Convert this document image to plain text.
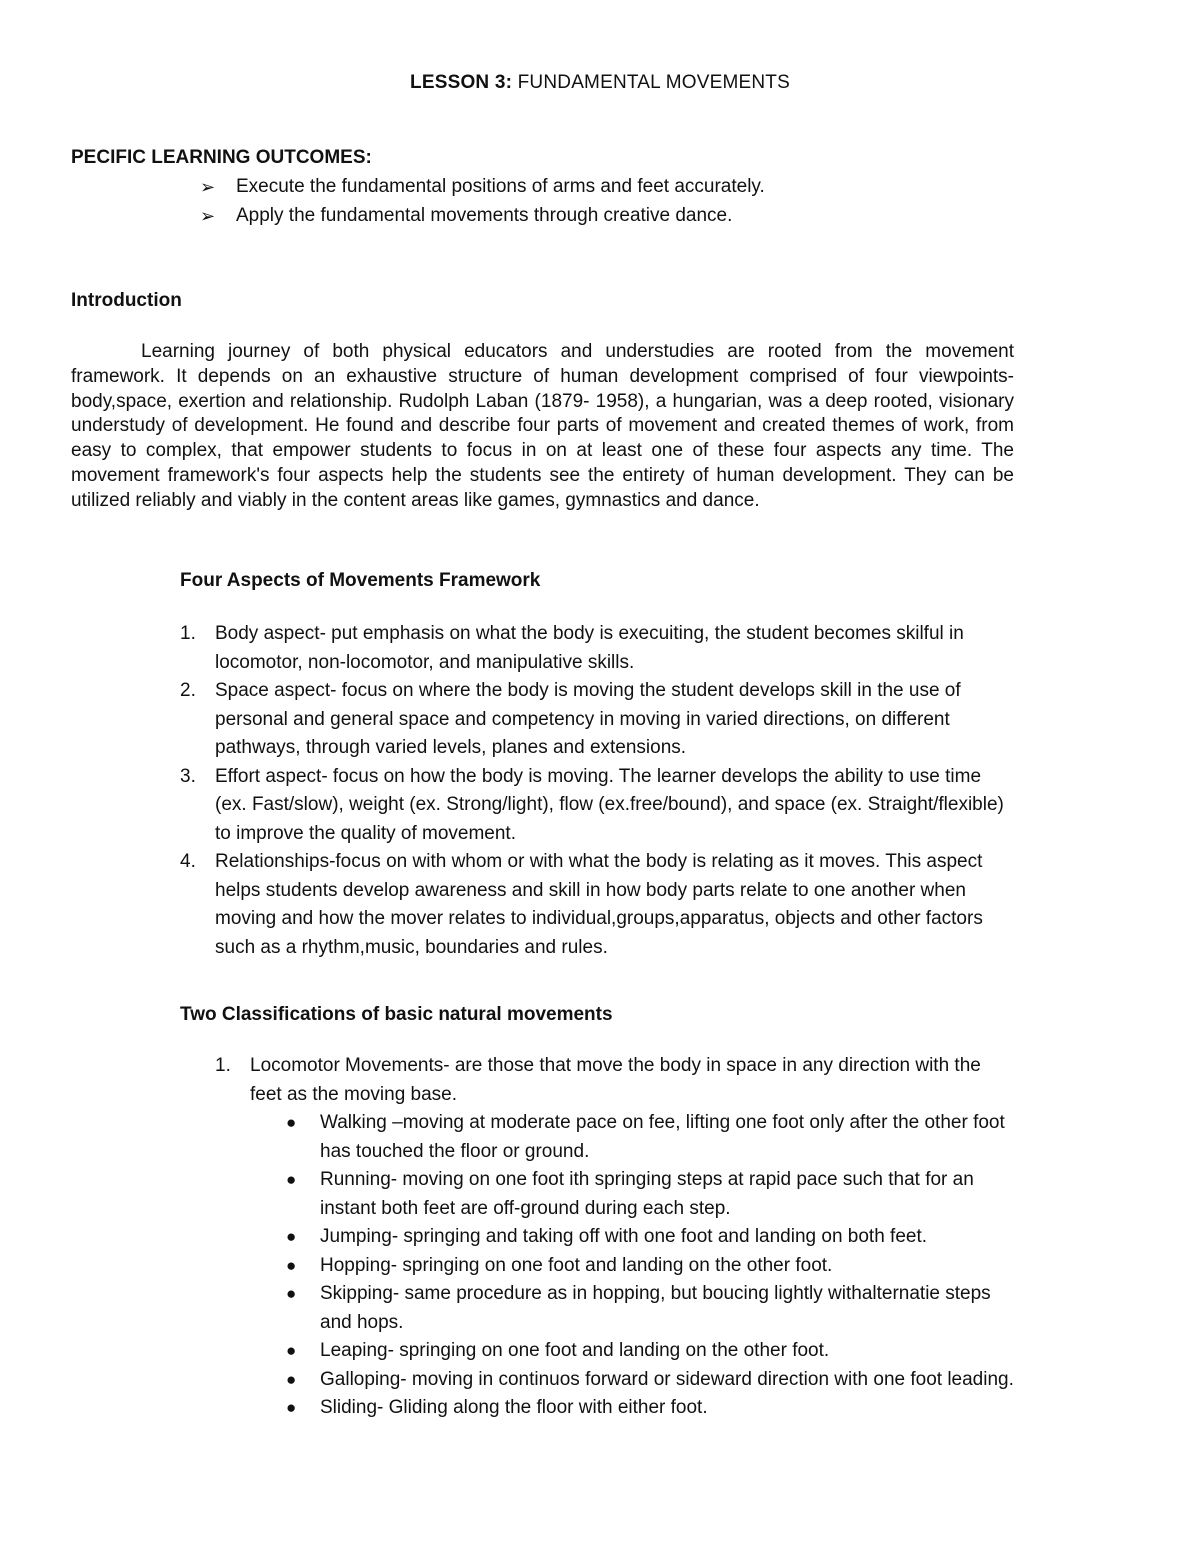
LESSON 3: FUNDAMENTAL MOVEMENTS
PECIFIC LEARNING OUTCOMES:
➢ Execute the fundamental positions of arms and feet accurately.
➢ Apply the fundamental movements through creative dance.
Introduction

Learning journey of both physical educators and understudies are rooted from the movement framework. It depends on an exhaustive structure of human development comprised of four viewpoints-body,space, exertion and relationship. Rudolph Laban (1879- 1958), a hungarian, was a deep rooted, visionary understudy of development. He found and describe four parts of movement and created themes of work, from easy to complex, that empower students to focus in on at least one of these four aspects any time. The movement framework's four aspects help the students see the entirety of human development. They can be utilized reliably and viably in the content areas like games, gymnastics and dance.

Four Aspects of Movements Framework
1. Body aspect- put emphasis on what the body is execuiting, the student becomes skilful in locomotor, non-locomotor, and manipulative skills.
2. Space aspect- focus on where the body is moving the student develops skill in the use of personal and general space and competency in moving in varied directions, on different pathways, through varied levels, planes and extensions.
3. Effort aspect- focus on how the body is moving. The learner develops the ability to use time (ex. Fast/slow), weight (ex. Strong/light), flow (ex.free/bound), and space (ex. Straight/flexible) to improve the quality of movement.
4. Relationships-focus on with whom or with what the body is relating as it moves. This aspect helps students develop awareness and skill in how body parts relate to one another when moving and how the mover relates to individual,groups,apparatus, objects and other factors such as a rhythm,music, boundaries and rules.
Two Classifications of basic natural movements
1. Locomotor Movements- are those that move the body in space in any direction with the feet as the moving base.
● Walking –moving at moderate pace on fee, lifting one foot only after the other foot has touched the floor or ground.
● Running- moving on one foot ith springing steps at rapid pace such that for an instant both feet are off-ground during each step.
● Jumping- springing and taking off with one foot and landing on both feet.
● Hopping- springing on one foot and landing on the other foot.
● Skipping- same procedure as in hopping, but boucing lightly withalternatie steps and hops.
● Leaping- springing on one foot and landing on the other foot.
● Galloping- moving in continuos forward or sideward direction with one foot leading.
● Sliding- Gliding along the floor with either foot.
